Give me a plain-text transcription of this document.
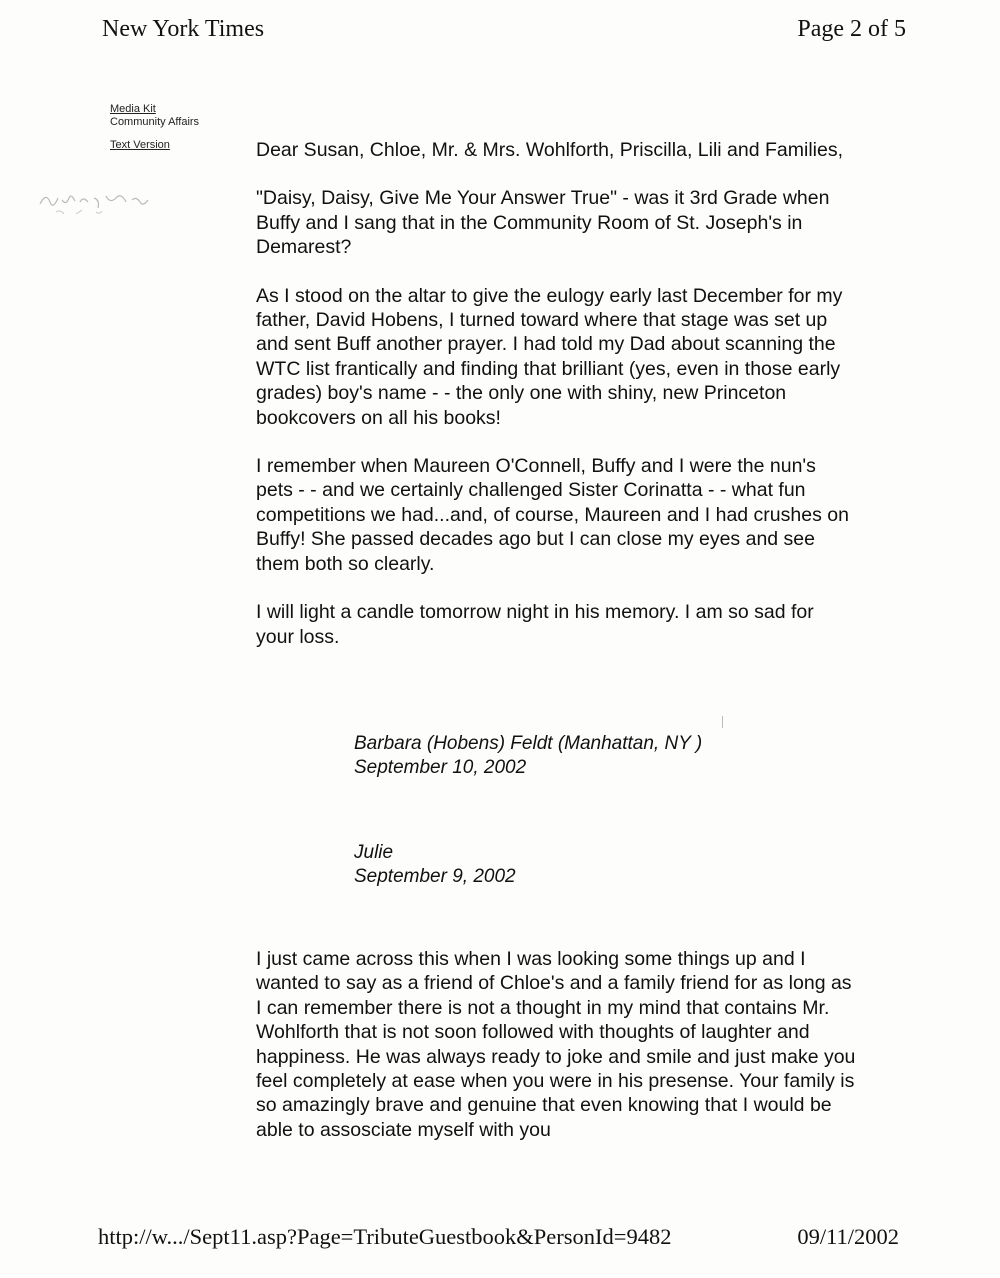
New York Times	Page 2 of 5
Media Kit
Community Affairs
Text Version	Dear Susan, Chloe, Mr. & Mrs. Wohlforth, Priscilla, Lili and Families,

"Daisy, Daisy, Give Me Your Answer True" - was it 3rd Grade when Buffy and I sang that in the Community Room of St. Joseph's in Demarest?

As I stood on the altar to give the eulogy early last December for my father, David Hobens, I turned toward where that stage was set up and sent Buff another prayer. I had told my Dad about scanning the WTC list frantically and finding that brilliant (yes, even in those early grades) boy's name - - the only one with shiny, new Princeton bookcovers on all his books!

I remember when Maureen O'Connell, Buffy and I were the nun's pets - - and we certainly challenged Sister Corinatta - - what fun competitions we had...and, of course, Maureen and I had crushes on Buffy! She passed decades ago but I can close my eyes and see them both so clearly.

I will light a candle tomorrow night in his memory. I am so sad for your loss.

Barbara (Hobens) Feldt (Manhattan, NY )
September 10, 2002
Julie
September 9, 2002
I just came across this when I was looking some things up and I wanted to say as a friend of Chloe's and a family friend for as long as I can remember there is not a thought in my mind that contains Mr. Wohlforth that is not soon followed with thoughts of laughter and happiness. He was always ready to joke and smile and just make you feel completely at ease when you were in his presense. Your family is so amazingly brave and genuine that even knowing that I would be able to assosciate myself with you
http://w.../Sept11.asp?Page=TributeGuestbook&PersonId=9482	09/11/2002
